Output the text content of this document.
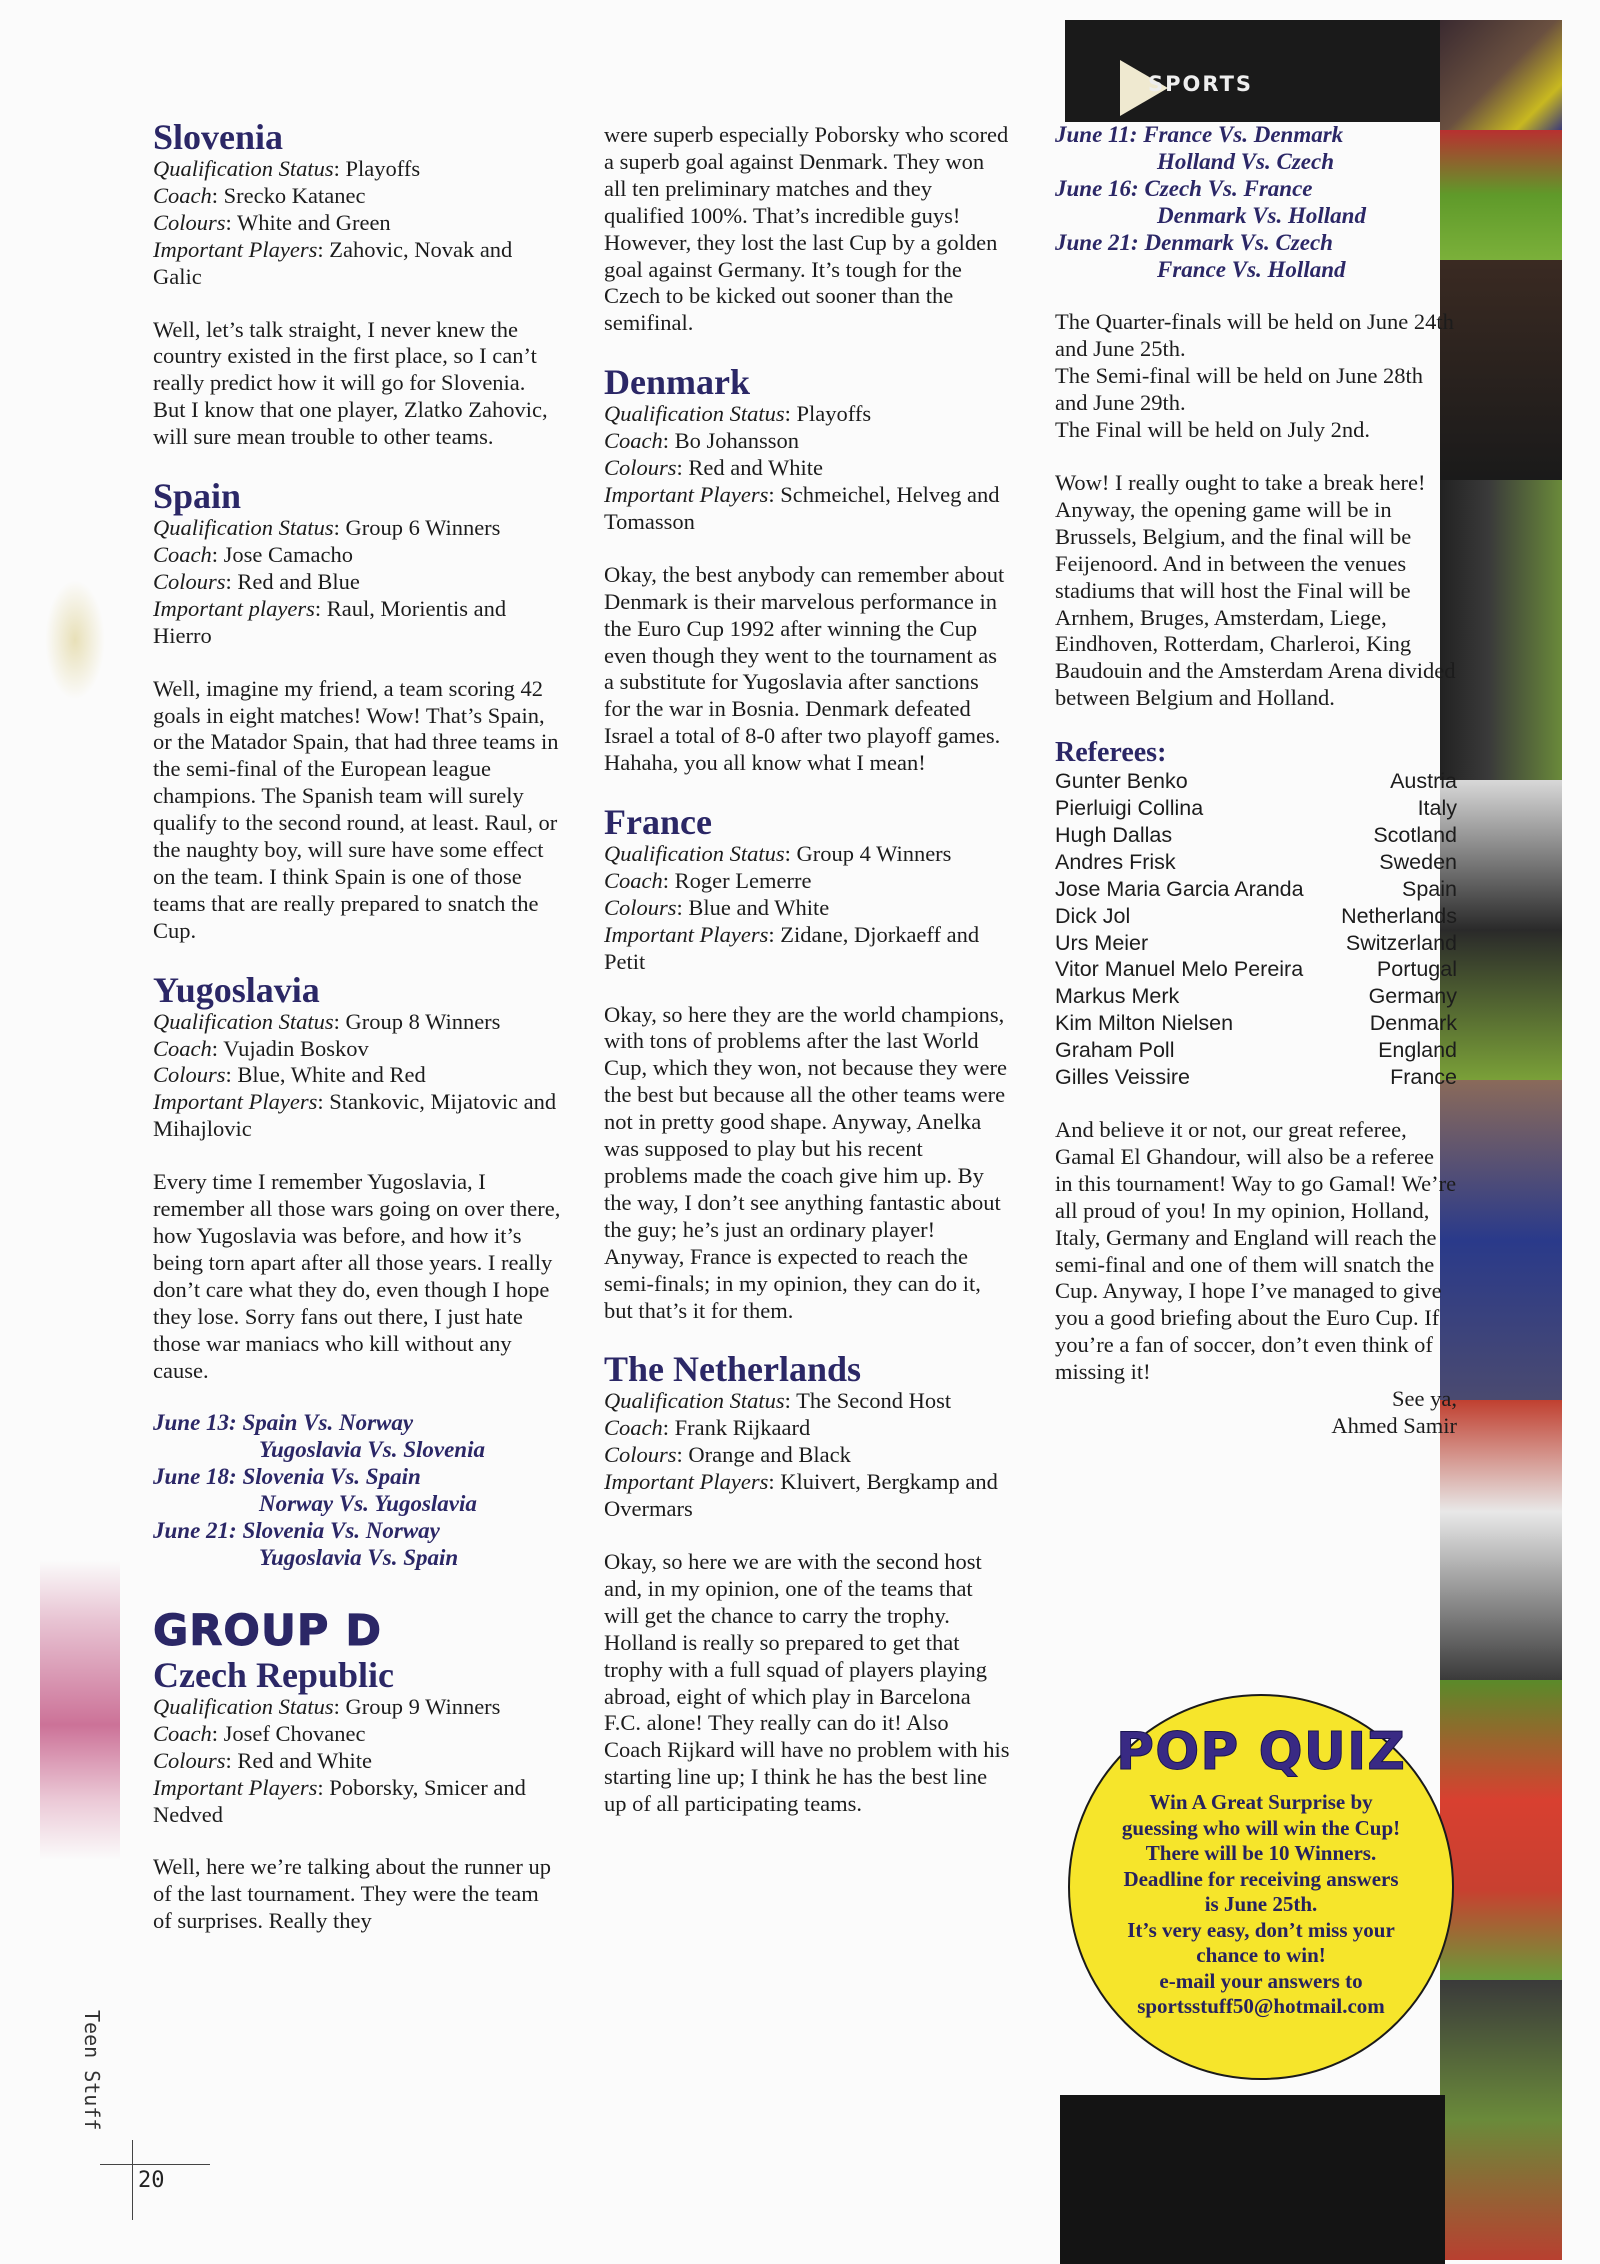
SPORTS
Slovenia
Qualification Status: Playoffs
Coach: Srecko Katanec
Colours: White and Green
Important Players: Zahovic, Novak and Galic

Well, let’s talk straight, I never knew the country existed in the first place, so I can’t really predict how it will go for Slovenia. But I know that one player, Zlatko Zahovic, will sure mean trouble to other teams.

Spain
Qualification Status: Group 6 Winners
Coach: Jose Camacho
Colours: Red and Blue
Important players: Raul, Morientis and Hierro

Well, imagine my friend, a team scoring 42 goals in eight matches! Wow! That’s Spain, or the Matador Spain, that had three teams in the semi-final of the European league champions. The Spanish team will surely qualify to the second round, at least. Raul, or the naughty boy, will sure have some effect on the team. I think Spain is one of those teams that are really prepared to snatch the Cup.

Yugoslavia
Qualification Status: Group 8 Winners
Coach: Vujadin Boskov
Colours: Blue, White and Red
Important Players: Stankovic, Mijatovic and Mihajlovic

Every time I remember Yugoslavia, I remember all those wars going on over there, how Yugoslavia was before, and how it’s being torn apart after all those years. I really don’t care what they do, even though I hope they lose. Sorry fans out there, I just hate those war maniacs who kill without any cause.

June 13: Spain Vs. Norway
Yugoslavia Vs. Slovenia
June 18: Slovenia Vs. Spain
Norway Vs. Yugoslavia
June 21: Slovenia Vs. Norway
Yugoslavia Vs. Spain
GROUP D
Czech Republic
Qualification Status: Group 9 Winners
Coach: Josef Chovanec
Colours: Red and White
Important Players: Poborsky, Smicer and Nedved

Well, here we’re talking about the runner up of the last tournament. They were the team of surprises. Really they

were superb especially Poborsky who scored a superb goal against Denmark. They won all ten preliminary matches and they qualified 100%. That’s incredible guys! However, they lost the last Cup by a golden goal against Germany. It’s tough for the Czech to be kicked out sooner than the semifinal.

Denmark
Qualification Status: Playoffs
Coach: Bo Johansson
Colours: Red and White
Important Players: Schmeichel, Helveg and Tomasson

Okay, the best anybody can remember about Denmark is their marvelous performance in the Euro Cup 1992 after winning the Cup even though they went to the tournament as a substitute for Yugoslavia after sanctions for the war in Bosnia. Denmark defeated Israel a total of 8-0 after two playoff games. Hahaha, you all know what I mean!

France
Qualification Status: Group 4 Winners
Coach: Roger Lemerre
Colours: Blue and White
Important Players: Zidane, Djorkaeff and Petit

Okay, so here they are the world champions, with tons of problems after the last World Cup, which they won, not because they were the best but because all the other teams were not in pretty good shape. Anyway, Anelka was supposed to play but his recent problems made the coach give him up. By the way, I don’t see anything fantastic about the guy; he’s just an ordinary player! Anyway, France is expected to reach the semi-finals; in my opinion, they can do it, but that’s it for them.

The Netherlands
Qualification Status: The Second Host
Coach: Frank Rijkaard
Colours: Orange and Black
Important Players: Kluivert, Bergkamp and Overmars

Okay, so here we are with the second host and, in my opinion, one of the teams that will get the chance to carry the trophy. Holland is really so prepared to get that trophy with a full squad of players playing abroad, eight of which play in Barcelona F.C. alone! They really can do it! Also Coach Rijkard will have no problem with his starting line up; I think he has the best line up of all participating teams.

June 11: France Vs. Denmark
Holland Vs. Czech
June 16: Czech Vs. France
Denmark Vs. Holland
June 21: Denmark Vs. Czech
France Vs. Holland

The Quarter-finals will be held on June 24th and June 25th.
The Semi-final will be held on June 28th and June 29th.
The Final will be held on July 2nd.

Wow! I really ought to take a break here! Anyway, the opening game will be in Brussels, Belgium, and the final will be Feijenoord. And in between the venues stadiums that will host the Final will be Arnhem, Bruges, Amsterdam, Liege, Eindhoven, Rotterdam, Charleroi, King Baudouin and the Amsterdam Arena divided between Belgium and Holland.

Referees:
Gunter Benko	Austria
Pierluigi Collina	Italy
Hugh Dallas	Scotland
Andres Frisk	Sweden
Jose Maria Garcia Aranda	Spain
Dick Jol	Netherlands
Urs Meier	Switzerland
Vitor Manuel Melo Pereira	Portugal
Markus Merk	Germany
Kim Milton Nielsen	Denmark
Graham Poll	England
Gilles Veissire	France

And believe it or not, our great referee, Gamal El Ghandour, will also be a referee in this tournament! Way to go Gamal! We’re all proud of you! In my opinion, Holland, Italy, Germany and England will reach the semi-final and one of them will snatch the Cup. Anyway, I hope I’ve managed to give you a good briefing about the Euro Cup. If you’re a fan of soccer, don’t even think of missing it!

See ya,
Ahmed Samir
POP QUIZ
Win A Great Surprise by
guessing who will win the Cup!
There will be 10 Winners.
Deadline for receiving answers
is June 25th.
It’s very easy, don’t miss your
chance to win!
e-mail your answers to
sportsstuff50@hotmail.com
Teen Stuff
20
